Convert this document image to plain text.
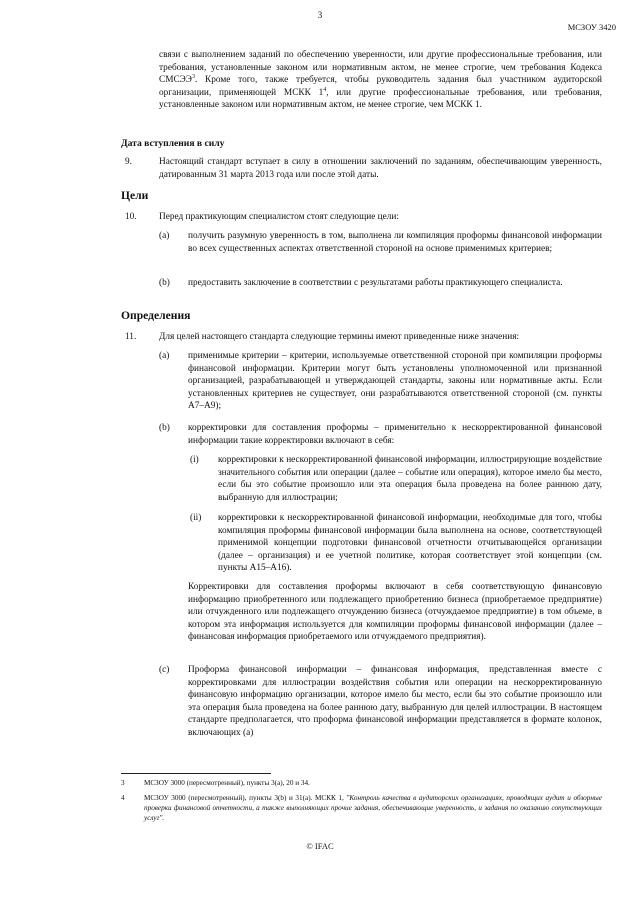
3
МСЗОУ 3420
связи с выполнением заданий по обеспечению уверенности, или другие профессиональные требования, или требования, установленные законом или нормативным актом, не менее строгие, чем требования Кодекса СМСЭЭ$^3$. Кроме того, также требуется, чтобы руководитель задания был участником аудиторской организации, применяющей МСКК $1^4$, или другие профессиональные требования, или требования, установленные законом или нормативным актом, не менее строгие, чем МСКК 1.
Дата вступления в силу
9.	Настоящий стандарт вступает в силу в отношении заключений по заданиям, обеспечивающим уверенность, датированным 31 марта 2013 года или после этой даты.
Цели
10. Перед практикующим специалистом стоят следующие цели:
(a) получить разумную уверенность в том, выполнена ли компиляция проформы финансовой информации во всех существенных аспектах ответственной стороной на основе применимых критериев;
(b) предоставить заключение в соответствии с результатами работы практикующего специалиста.
Определения
11. Для целей настоящего стандарта следующие термины имеют приведенные ниже значения:
(a) применимые критерии – критерии, используемые ответственной стороной при компиляции проформы финансовой информации. Критерии могут быть установлены уполномоченной или признанной организацией, разрабатывающей и утверждающей стандарты, законы или нормативные акты. Если установленных критериев не существует, они разрабатываются ответственной стороной (см. пункты А7–А9);
(b) корректировки для составления проформы – применительно к нескорректированной финансовой информации такие корректировки включают в себя:
(i) корректировки к нескорректированной финансовой информации, иллюстрирующие воздействие значительного события или операции (далее – событие или операция), которое имело бы место, если бы это событие произошло или эта операция была проведена на более раннюю дату, выбранную для иллюстрации;
(ii) корректировки к нескорректированной финансовой информации, необходимые для того, чтобы компиляция проформы финансовой информации была выполнена на основе, соответствующей применимой концепции подготовки финансовой отчетности отчитывающейся организации (далее – организация) и ее учетной политике, которая соответствует этой концепции (см. пункты А15–А16).
Корректировки для составления проформы включают в себя соответствующую финансовую информацию приобретенного или подлежащего приобретению бизнеса (приобретаемое предприятие) или отчужденного или подлежащего отчуждению бизнеса (отчуждаемое предприятие) в том объеме, в котором эта информация используется для компиляции проформы финансовой информации (далее – финансовая информация приобретаемого или отчуждаемого предприятия).
(c) Проформа финансовой информации – финансовая информация, представленная вместе с корректировками для иллюстрации воздействия события или операции на нескорректированную финансовую информацию организации, которое имело бы место, если бы это событие произошло или эта операция была проведена на более раннюю дату, выбранную для целей иллюстрации. В настоящем стандарте предполагается, что проформа финансовой информации представляется в формате колонок, включающих (a)
3	МСЗОУ 3000 (пересмотренный), пункты 3(a), 20 и 34.
4	МСЗОУ 3000 (пересмотренный), пункты 3(b) и 31(a). МСКК 1, "Контроль качества в аудиторских организациях, проводящих аудит и обзорные проверки финансовой отчетности, а также выполняющих прочие задания, обеспечивающие уверенность, и задания по оказанию сопутствующих услуг".
© IFAC
